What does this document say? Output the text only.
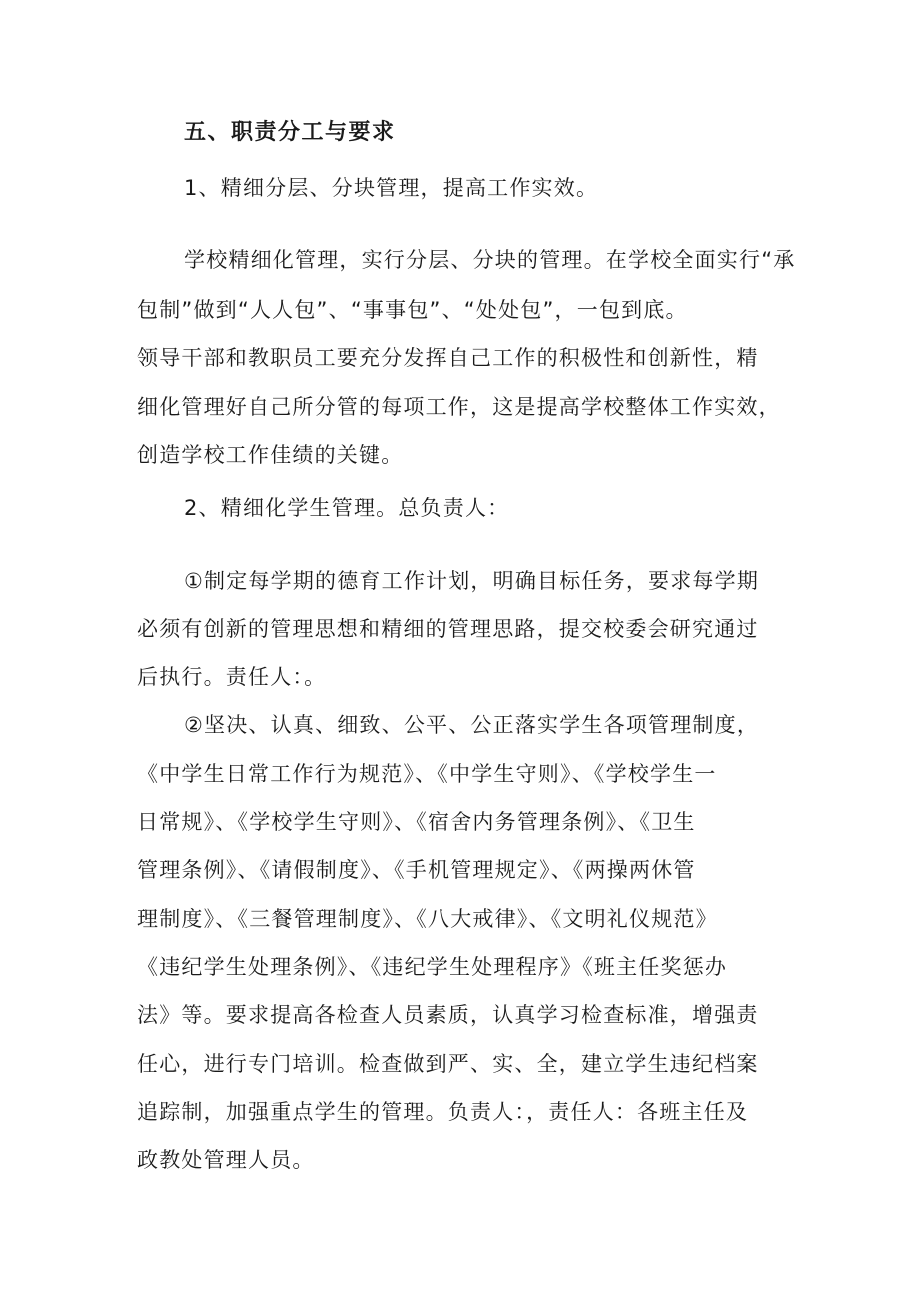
五、职责分工与要求
1、精细分层、分块管理，提高工作实效。
学校精细化管理，实行分层、分块的管理。在学校全面实行“承
包制”做到“人人包”、“事事包”、“处处包”，一包到底。
领导干部和教职员工要充分发挥自己工作的积极性和创新性，精
细化管理好自己所分管的每项工作，这是提高学校整体工作实效，
创造学校工作佳绩的关键。
2、精细化学生管理。总负责人：
①制定每学期的德育工作计划，明确目标任务，要求每学期
必须有创新的管理思想和精细的管理思路，提交校委会研究通过
后执行。责任人：。
②坚决、认真、细致、公平、公正落实学生各项管理制度，
《中学生日常工作行为规范》、《中学生守则》、《学校学生一
日常规》、《学校学生守则》、《宿舍内务管理条例》、《卫生
管理条例》、《请假制度》、《手机管理规定》、《两操两休管
理制度》、《三餐管理制度》、《八大戒律》、《文明礼仪规范》
《违纪学生处理条例》、《违纪学生处理程序》《班主任奖惩办
法》等。要求提高各检查人员素质，认真学习检查标准，增强责
任心，进行专门培训。检查做到严、实、全，建立学生违纪档案
追踪制，加强重点学生的管理。负责人：，责任人：各班主任及
政教处管理人员。
